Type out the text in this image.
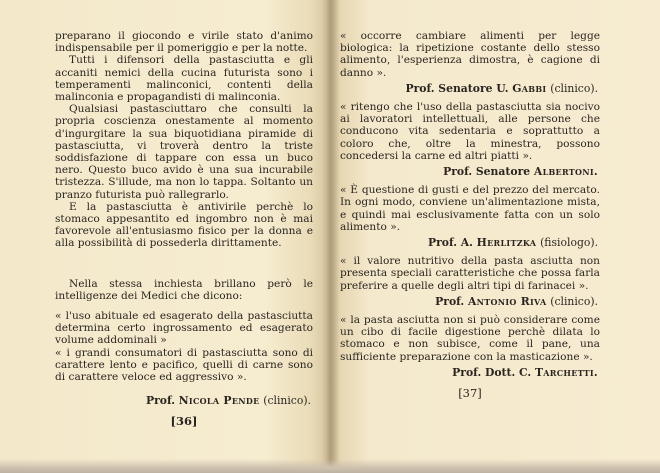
preparano il giocondo e virile stato d'animo indispensabile per il pomeriggio e per la notte.

Tutti i difensori della pastasciutta e gli accaniti nemici della cucina futurista sono i temperamenti malinconici, contenti della malinconia e propagandisti di malinconia.

Qualsiasi pastasciuttaro che consulti la propria coscienza onestamente al momento d'ingurgitare la sua biquotidiana piramide di pastasciutta, vi troverà dentro la triste soddisfazione di tappare con essa un buco nero. Questo buco avido è una sua incurabile tristezza. S'illude, ma non lo tappa. Soltanto un pranzo futurista può rallegrarlo.

E la pastasciutta è antivirile perchè lo stomaco appesantito ed ingombro non è mai favorevole all'entusiasmo fisico per la donna e alla possibilità di possederla dirittamente.

Nella stessa inchiesta brillano però le intelligenze dei Medici che dicono:

« l'uso abituale ed esagerato della pastasciutta determina certo ingrossamento ed esagerato volume addominali »

« i grandi consumatori di pastasciutta sono di carattere lento e pacifico, quelli di carne sono di carattere veloce ed aggressivo ».

Prof. Nicola Pende (clinico).
[36]

« occorre cambiare alimenti per legge biologica: la ripetizione costante dello stesso alimento, l'esperienza dimostra, è cagione di danno ».

Prof. Senatore U. Gabbi (clinico).

« ritengo che l'uso della pastasciutta sia nocivo ai lavoratori intellettuali, alle persone che conducono vita sedentaria e soprattutto a coloro che, oltre la minestra, possono concedersi la carne ed altri piatti ».

Prof. Senatore Albertoni.

« È questione di gusti e del prezzo del mercato. In ogni modo, conviene un'alimentazione mista, e quindi mai esclusivamente fatta con un solo alimento ».

Prof. A. Herlitzka (fisiologo).

« il valore nutritivo della pasta asciutta non presenta speciali caratteristiche che possa farla preferire a quelle degli altri tipi di farinacei ».

Prof. Antonio Riva (clinico).

« la pasta asciutta non si può considerare come un cibo di facile digestione perchè dilata lo stomaco e non subisce, come il pane, una sufficiente preparazione con la masticazione ».

Prof. Dott. C. Tarchetti.
[37]
